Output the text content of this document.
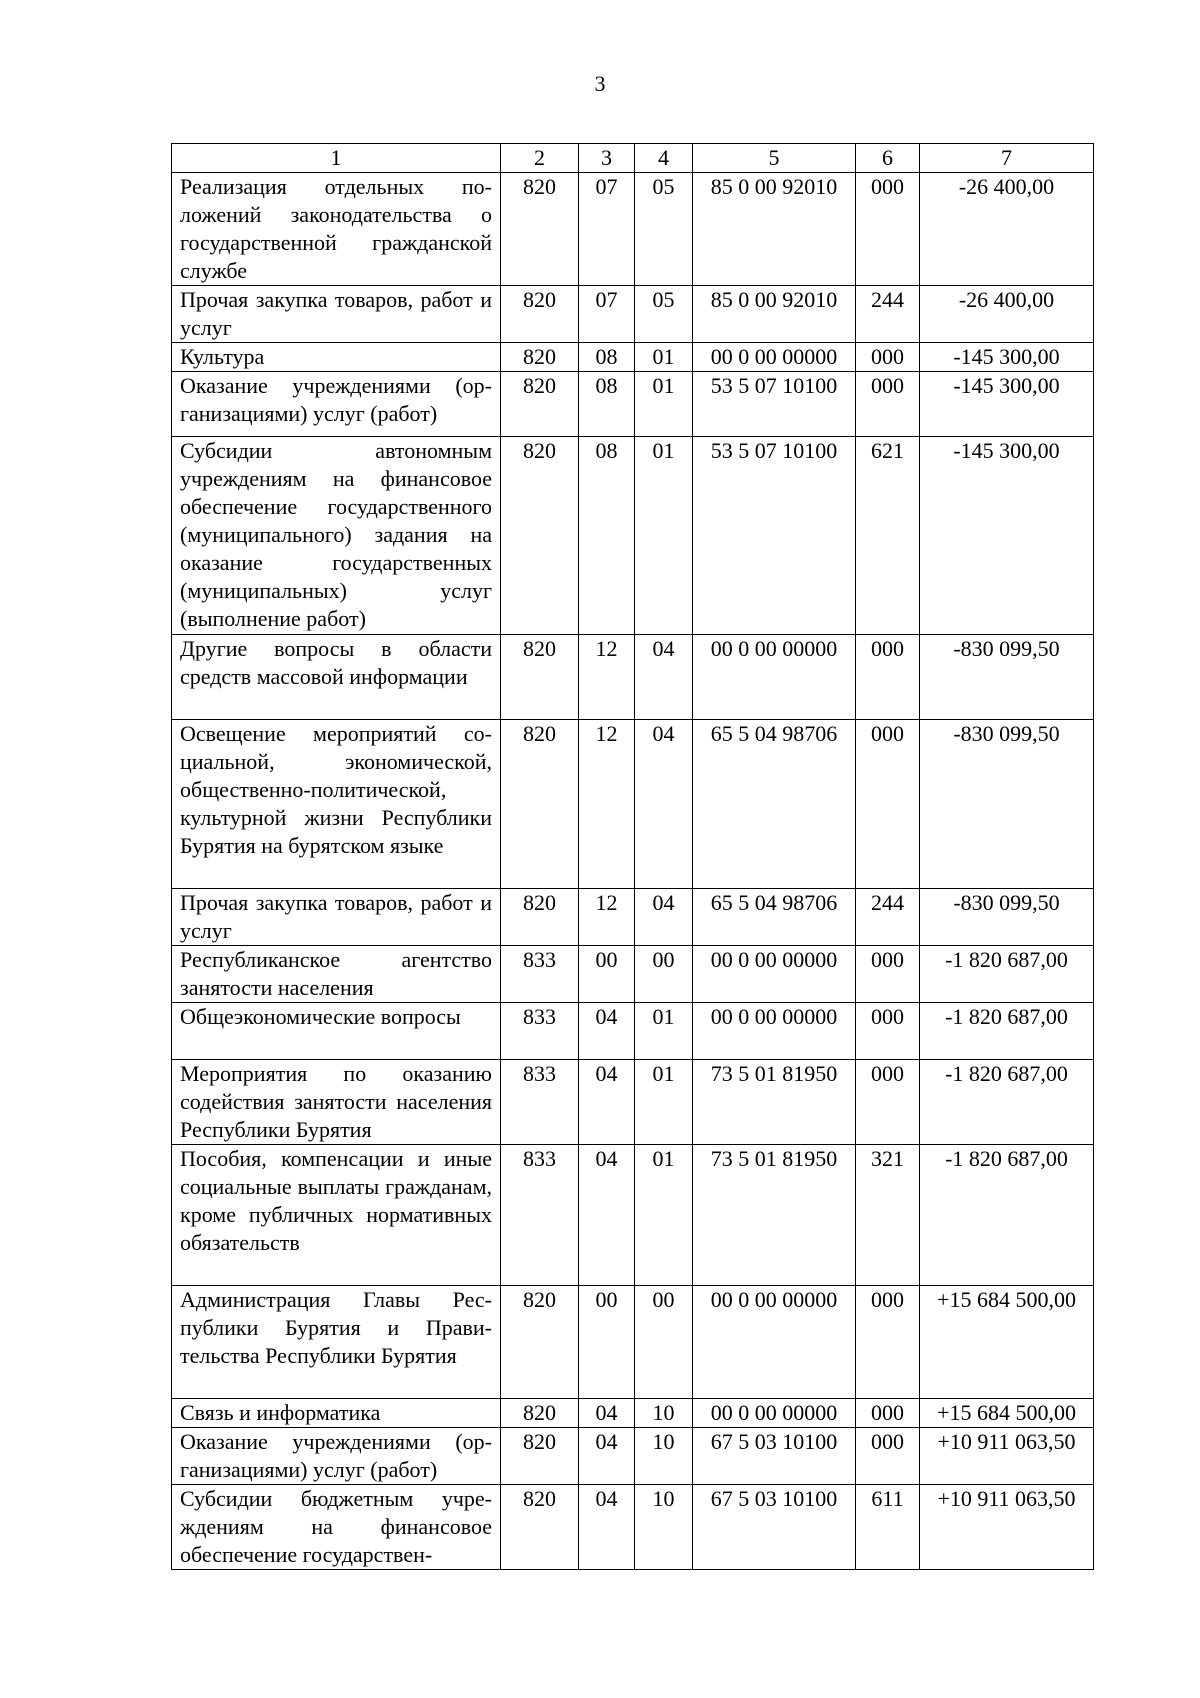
3
1	2	3	4	5	6	7
Реализация отдельных положений законодательства о государственной гражданской службе	820	07	05	85 0 00 92010	000	-26 400,00
Прочая закупка товаров, работ и услуг	820	07	05	85 0 00 92010	244	-26 400,00
Культура	820	08	01	00 0 00 00000	000	-145 300,00
Оказание учреждениями (организациями) услуг (работ)	820	08	01	53 5 07 10100	000	-145 300,00
Субсидии автономным учреждениям на финансовое обеспечение государственного (муниципального) задания на оказание государственных (муниципальных) услуг (выполнение работ)	820	08	01	53 5 07 10100	621	-145 300,00
Другие вопросы в области средств массовой информации	820	12	04	00 0 00 00000	000	-830 099,50
Освещение мероприятий социальной, экономической, общественно-политической, культурной жизни Республики Бурятия на бурятском языке	820	12	04	65 5 04 98706	000	-830 099,50
Прочая закупка товаров, работ и услуг	820	12	04	65 5 04 98706	244	-830 099,50
Республиканское агентство занятости населения	833	00	00	00 0 00 00000	000	-1 820 687,00
Общеэкономические вопросы	833	04	01	00 0 00 00000	000	-1 820 687,00
Мероприятия по оказанию содействия занятости населения Республики Бурятия	833	04	01	73 5 01 81950	000	-1 820 687,00
Пособия, компенсации и иные социальные выплаты гражданам, кроме публичных нормативных обязательств	833	04	01	73 5 01 81950	321	-1 820 687,00
Администрация Главы Республики Бурятия и Правительства Республики Бурятия	820	00	00	00 0 00 00000	000	+15 684 500,00
Связь и информатика	820	04	10	00 0 00 00000	000	+15 684 500,00
Оказание учреждениями (организациями) услуг (работ)	820	04	10	67 5 03 10100	000	+10 911 063,50
Субсидии бюджетным учреждениям на финансовое обеспечение государствен-	820	04	10	67 5 03 10100	611	+10 911 063,50
